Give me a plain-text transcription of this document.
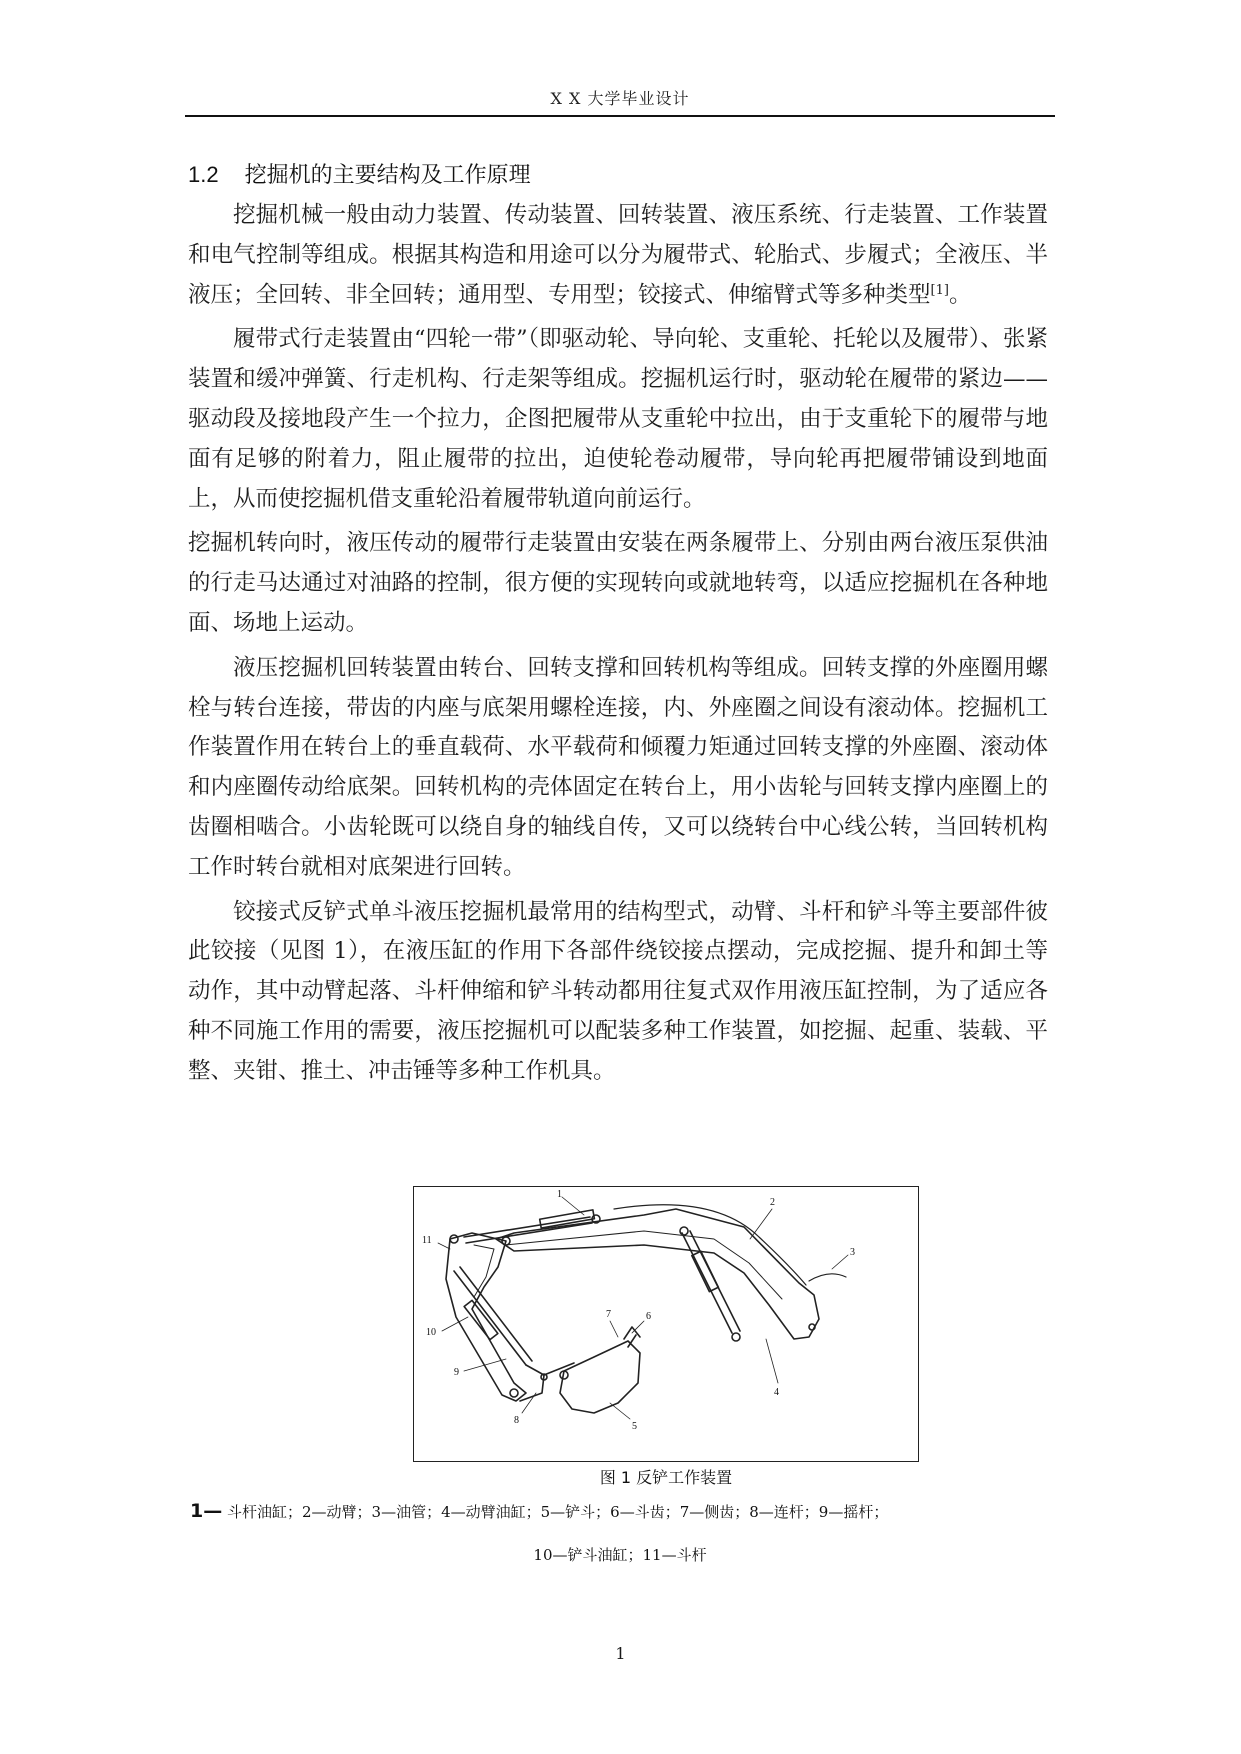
X X 大学毕业设计
1.2 挖掘机的主要结构及工作原理

挖掘机械一般由动力装置、传动装置、回转装置、液压系统、行走装置、工作装置和电气控制等组成。根据其构造和用途可以分为履带式、轮胎式、步履式；全液压、半液压；全回转、非全回转；通用型、专用型；铰接式、伸缩臂式等多种类型[1]。

履带式行走装置由“四轮一带”（即驱动轮、导向轮、支重轮、托轮以及履带）、张紧装置和缓冲弹簧、行走机构、行走架等组成。挖掘机运行时，驱动轮在履带的紧边——驱动段及接地段产生一个拉力，企图把履带从支重轮中拉出，由于支重轮下的履带与地面有足够的附着力，阻止履带的拉出，迫使轮卷动履带，导向轮再把履带铺设到地面上，从而使挖掘机借支重轮沿着履带轨道向前运行。

挖掘机转向时，液压传动的履带行走装置由安装在两条履带上、分别由两台液压泵供油的行走马达通过对油路的控制，很方便的实现转向或就地转弯，以适应挖掘机在各种地面、场地上运动。

液压挖掘机回转装置由转台、回转支撑和回转机构等组成。回转支撑的外座圈用螺栓与转台连接，带齿的内座与底架用螺栓连接，内、外座圈之间设有滚动体。挖掘机工作装置作用在转台上的垂直载荷、水平载荷和倾覆力矩通过回转支撑的外座圈、滚动体和内座圈传动给底架。回转机构的壳体固定在转台上，用小齿轮与回转支撑内座圈上的齿圈相啮合。小齿轮既可以绕自身的轴线自传，又可以绕转台中心线公转，当回转机构工作时转台就相对底架进行回转。

铰接式反铲式单斗液压挖掘机最常用的结构型式，动臂、斗杆和铲斗等主要部件彼此铰接（见图 1），在液压缸的作用下各部件绕铰接点摆动，完成挖掘、提升和卸土等动作，其中动臂起落、斗杆伸缩和铲斗转动都用往复式双作用液压缸控制，为了适应各种不同施工作用的需要，液压挖掘机可以配装多种工作装置，如挖掘、起重、装载、平整、夹钳、推土、冲击锤等多种工作机具。

1
2
3
4
5
6
7
8
9
10
11
图 1 反铲工作装置
1— 斗杆油缸；2—动臂；3—油管；4—动臂油缸；5—铲斗；6—斗齿；7—侧齿；8—连杆；9—摇杆；
10—铲斗油缸；11—斗杆
1
